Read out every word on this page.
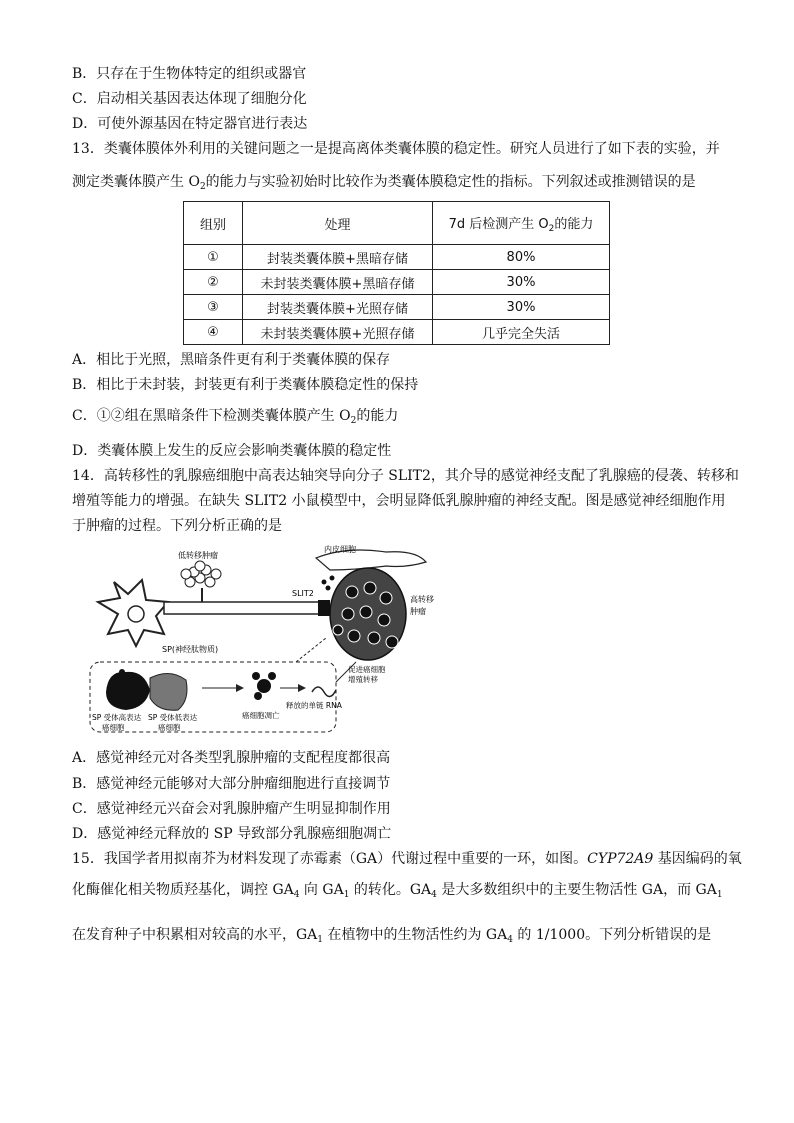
B．只存在于生物体特定的组织或器官
C．启动相关基因表达体现了细胞分化
D．可使外源基因在特定器官进行表达
13．类囊体膜体外利用的关键问题之一是提高离体类囊体膜的稳定性。研究人员进行了如下表的实验，并
测定类囊体膜产生 $O_2$的能力与实验初始时比较作为类囊体膜稳定性的指标。下列叙述或推测错误的是
组别	处理	7d 后检测产生 $O_2$的能力
①	封装类囊体膜+黑暗存储	80%
②	未封装类囊体膜+黑暗存储	30%
③	封装类囊体膜+光照存储	30%
④	未封装类囊体膜+光照存储	几乎完全失活
A．相比于光照，黑暗条件更有利于类囊体膜的保存
B．相比于未封装，封装更有利于类囊体膜稳定性的保持
C．①②组在黑暗条件下检测类囊体膜产生 $O_2$的能力
D．类囊体膜上发生的反应会影响类囊体膜的稳定性
14．高转移性的乳腺癌细胞中高表达轴突导向分子 SLIT2，其介导的感觉神经支配了乳腺癌的侵袭、转移和
增殖等能力的增强。在缺失 SLIT2 小鼠模型中，会明显降低乳腺肿瘤的神经支配。图是感觉神经细胞作用
于肿瘤的过程。下列分析正确的是
低转移肿瘤
内皮细胞
SLIT2
高转移
肿瘤
SP(神经肽物质)
SP 受体高表达
癌细胞
SP 受体低表达
癌细胞
癌细胞凋亡
释放的单链 RNA
促进癌细胞
增殖转移
A．感觉神经元对各类型乳腺肿瘤的支配程度都很高
B．感觉神经元能够对大部分肿瘤细胞进行直接调节
C．感觉神经元兴奋会对乳腺肿瘤产生明显抑制作用
D．感觉神经元释放的 SP 导致部分乳腺癌细胞凋亡
15．我国学者用拟南芥为材料发现了赤霉素（GA）代谢过程中重要的一环，如图。CYP72A9 基因编码的氧
化酶催化相关物质羟基化，调控 $GA_4$ 向 $GA_1$ 的转化。$GA_4$ 是大多数组织中的主要生物活性 GA，而 $GA_1$
在发育种子中积累相对较高的水平，$GA_1$ 在植物中的生物活性约为 $GA_4$ 的 1/1000。下列分析错误的是
